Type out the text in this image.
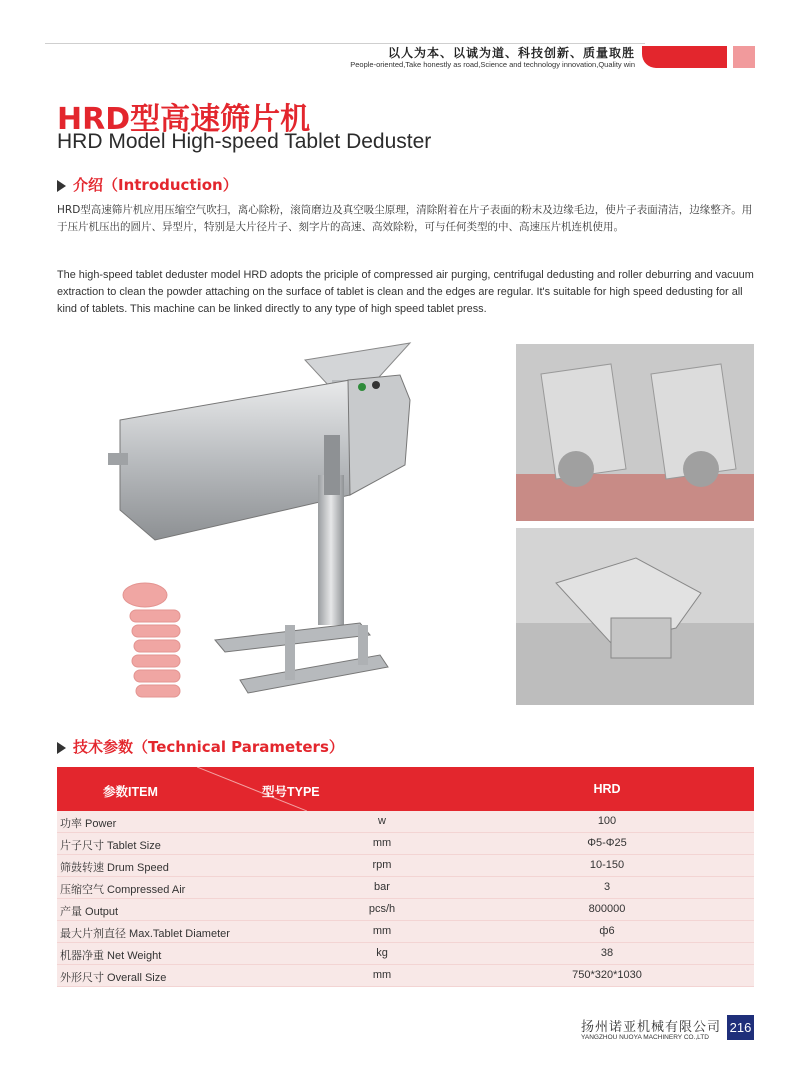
以人为本、以诚为道、科技创新、质量取胜
People-oriented,Take honestly as road,Science and technology innovation,Quality win
HRD型高速筛片机
HRD Model High-speed Tablet Deduster
介绍（Introduction）
HRD型高速筛片机应用压缩空气吹扫，离心除粉，滚筒磨边及真空吸尘原理，清除附着在片子表面的粉末及边缘毛边，使片子表面清洁，边缘整齐。用于压片机压出的圆片、异型片，特别是大片径片子、刻字片的高速、高效除粉，可与任何类型的中、高速压片机连机使用。
The high-speed tablet deduster model HRD adopts the priciple of compressed air purging, centrifugal dedusting and roller deburring and vacuum extraction to clean the powder attaching on the surface of tablet is clean and the edges are regular. It's suitable for high speed dedusting for all kind of tablets. This machine can be linked directly to any type of high speed tablet press.
技术参数（Technical Parameters）
参数ITEM	型号TYPE	HRD
功率 Power	w	100
片子尺寸 Tablet Size	mm	Φ5-Φ25
筛鼓转速 Drum Speed	rpm	10-150
压缩空气 Compressed Air	bar	3
产量 Output	pcs/h	800000
最大片剂直径 Max.Tablet Diameter	mm	ф6
机器净重 Net Weight	kg	38
外形尺寸 Overall Size	mm	750*320*1030
扬州诺亚机械有限公司
YANGZHOU NUOYA MACHINERY CO.,LTD
216
